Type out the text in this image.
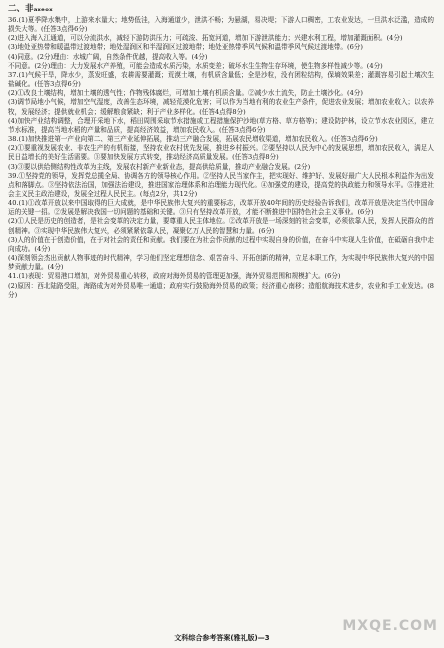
二、非ₐₓₑₒₓ

36.(1)夏季降水集中，上游来水量大；地势低洼，入海通道少，泄洪不畅；为悬湖，易决堤；下游人口稠密，工农业发达，一旦洪水泛滥，造成的损失大等。(任答3点得6分)

(2)进入海入江通道，可以分流洪水，减轻下游防洪压力；可疏浚、拓宽河道，增加下游泄洪能力；兴建水利工程，增加灌溉面积。(4分)

(3)地处亚热带和暖温带过渡地带；地处湿润区和半湿润区过渡地带；地处亚热带季风气候和温带季风气候过渡地带。(6分)

(4)同意。(2分)理由：水城广阔，自然条件优越，提高收入等。(4分)

不同意。(2分)理由：大力发展水产养殖，可能会造成水质污染，水质变差；破坏水生生物生存环境，使生物多样性减少等。(4分)

37.(1)气候干旱，降水少，蒸发旺盛，农耕需要灌溉；荒漠土壤，有机质含量低；全是沙粒，没有团粒结构，保墒效果差；灌溉容易引起土壤次生盐碱化。(任答3点得6分)

(2)①改良土壤结构，增加土壤的透气性；作物残体腐烂，可增加土壤有机质含量。②减少水土流失，防止土壤沙化。(4分)

(3)调节局地小气候，增加空气湿度，改善生态环境，减轻荒漠化危害；可以作为当地有利的农业生产条件，促进农业发展；增加农业收入；以农养牧，发展经济；提供就业机会；缓解粮食紧缺；利于产业多样化。(任答4点得8分)

(4)加快产业结构调整，合理开采地下水，稻田周围采取节水措施或工程措施保护沙地(草方格、草方格等)；建设防护林，设立节水农业园区，建立节水标准，提高当地水稻的产量和品质，提高经济效益，增加农民收入。(任答3点得6分)

38.(1)加快推进第一产业向第二、第三产业延伸拓展，推动三产融合发展，拓展农民增收渠道，增加农民收入。(任答3点得6分)

(2)①要重视发展农业、非农生产的有机衔接，坚持农业农村优先发展，推进乡村振兴。②要坚持以人民为中心的发展思想，增加农民收入，满足人民日益增长的美好生活需要。③要加快发展方式转变，推动经济高质量发展。(任答3点得8分)

(3)③要以供给侧结构性改革为主线，发展农村新产业新业态，提高供给质量，推动产业融合发展。(2分)

39.①坚持党的领导，发挥党总揽全局、协调各方的领导核心作用。②坚持人民当家作主，把实现好、维护好、发展好最广大人民根本利益作为出发点和落脚点。③坚持依法治国，加强法治建设，推进国家治理体系和治理能力现代化。④加强党的建设，提高党的执政能力和领导水平。⑤推进社会主义民主政治建设，发展全过程人民民主。(每点2分，共12分)

40.(1)①改革开放以来中国取得的巨大成就，是中华民族伟大复兴的重要标志，改革开放40年间的历史经验告诉我们，改革开放是决定当代中国命运的关键一招。②发展是解决我国一切问题的基础和关键。③只有坚持改革开放，才能不断推进中国特色社会主义事业。(6分)

(2)①人民是历史的创造者，是社会变革的决定力量，要尊重人民主体地位。②改革开放是一场深刻的社会变革，必须依靠人民，发挥人民群众的首创精神。③实现中华民族伟大复兴，必须紧紧依靠人民，凝聚亿万人民的智慧和力量。(6分)

(3)人的价值在于创造价值，在于对社会的责任和贡献。我们要在为社会作贡献的过程中实现自身的价值，在奋斗中实现人生价值，在砥砺自我中走向成功。(4分)

(4)深刻领会杰出贡献人物事迹的时代精神，学习他们坚定理想信念、艰苦奋斗、开拓创新的精神，立足本职工作，为实现中华民族伟大复兴的中国梦贡献力量。(4分)

41.(1)表现：贸易港口增加，对外贸易重心转移，政府对海外贸易的管理更加强，海外贸易范围和规模扩大。(6分)

(2)原因：西北陆路受阻，海路成为对外贸易唯一通道；政府实行鼓励海外贸易的政策；经济重心南移；造船航海技术进步，农业和手工业发达。(8分)

MXQE.COM
文科综合参考答案(雅礼版)—3
